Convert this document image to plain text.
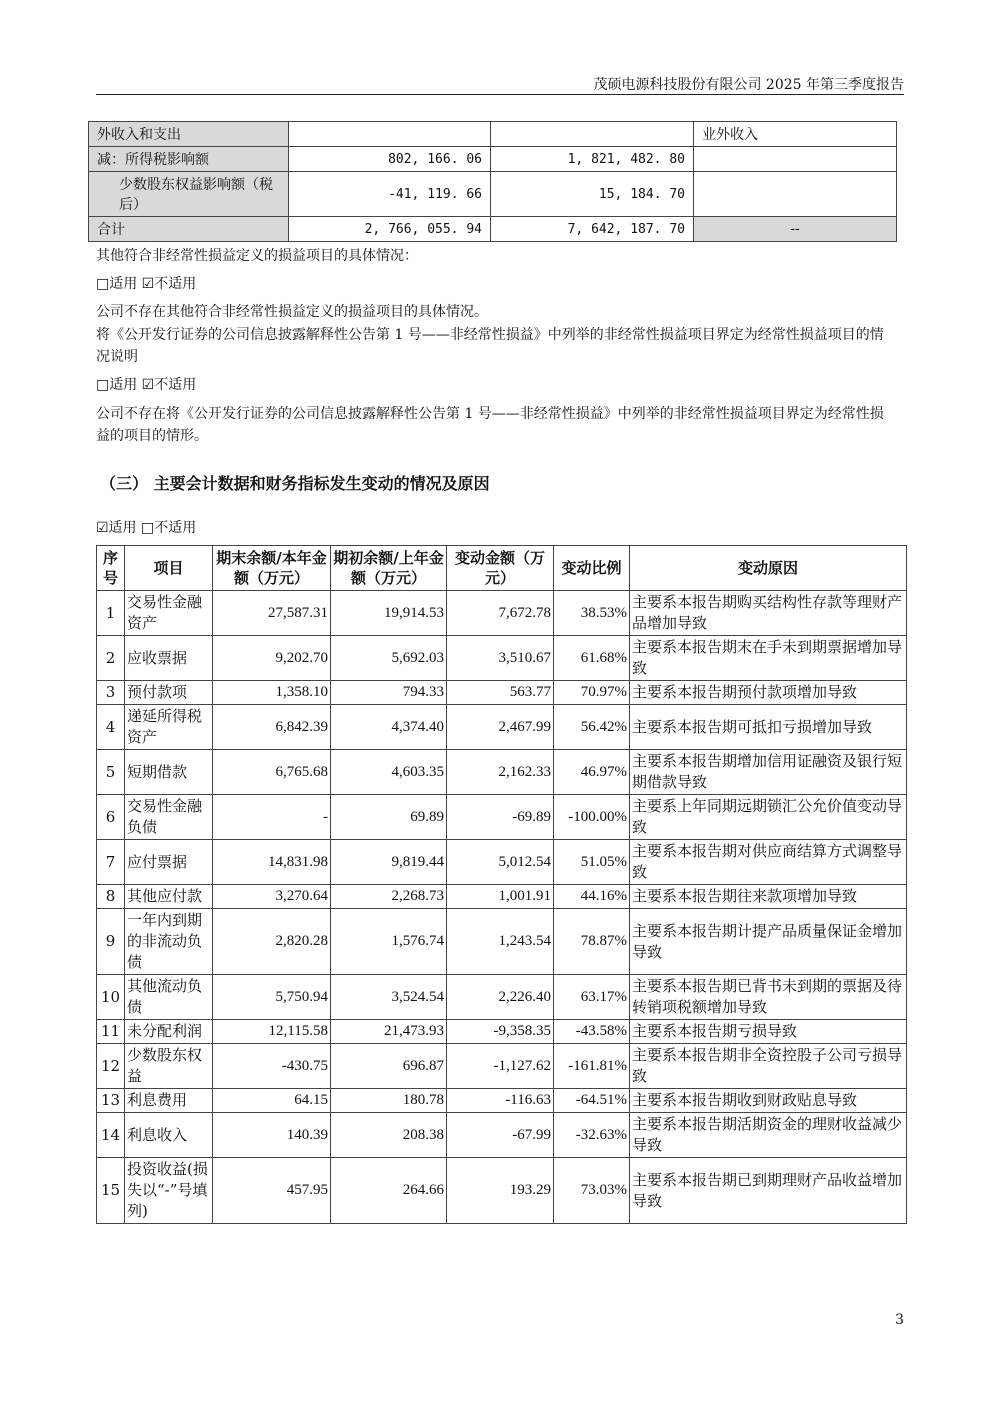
茂硕电源科技股份有限公司 2025 年第三季度报告
外收入和支出			业外收入
减：所得税影响额	802, 166. 06	1, 821, 482. 80	
少数股东权益影响额（税后）	-41, 119. 66	15, 184. 70	
合计	2, 766, 055. 94	7, 642, 187. 70	--
其他符合非经常性损益定义的损益项目的具体情况：
□适用 ☑不适用
公司不存在其他符合非经常性损益定义的损益项目的具体情况。
将《公开发行证券的公司信息披露解释性公告第 1 号——非经常性损益》中列举的非经常性损益项目界定为经常性损益项目的情况说明
□适用 ☑不适用
公司不存在将《公开发行证券的公司信息披露解释性公告第 1 号——非经常性损益》中列举的非经常性损益项目界定为经常性损益的项目的情形。
（三） 主要会计数据和财务指标发生变动的情况及原因
☑适用 □不适用
序号	项目	期末余额/本年金额（万元）	期初余额/上年金额（万元）	变动金额（万元）	变动比例	变动原因
1	交易性金融资产	27,587.31	19,914.53	7,672.78	38.53%	主要系本报告期购买结构性存款等理财产品增加导致
2	应收票据	9,202.70	5,692.03	3,510.67	61.68%	主要系本报告期末在手未到期票据增加导致
3	预付款项	1,358.10	794.33	563.77	70.97%	主要系本报告期预付款项增加导致
4	递延所得税资产	6,842.39	4,374.40	2,467.99	56.42%	主要系本报告期可抵扣亏损增加导致
5	短期借款	6,765.68	4,603.35	2,162.33	46.97%	主要系本报告期增加信用证融资及银行短期借款导致
6	交易性金融负债	-	69.89	-69.89	-100.00%	主要系上年同期远期锁汇公允价值变动导致
7	应付票据	14,831.98	9,819.44	5,012.54	51.05%	主要系本报告期对供应商结算方式调整导致
8	其他应付款	3,270.64	2,268.73	1,001.91	44.16%	主要系本报告期往来款项增加导致
9	一年内到期的非流动负债	2,820.28	1,576.74	1,243.54	78.87%	主要系本报告期计提产品质量保证金增加导致
10	其他流动负债	5,750.94	3,524.54	2,226.40	63.17%	主要系本报告期已背书未到期的票据及待转销项税额增加导致
11	未分配利润	12,115.58	21,473.93	-9,358.35	-43.58%	主要系本报告期亏损导致
12	少数股东权益	-430.75	696.87	-1,127.62	-161.81%	主要系本报告期非全资控股子公司亏损导致
13	利息费用	64.15	180.78	-116.63	-64.51%	主要系本报告期收到财政贴息导致
14	利息收入	140.39	208.38	-67.99	-32.63%	主要系本报告期活期资金的理财收益减少导致
15	投资收益(损失以“-”号填列)	457.95	264.66	193.29	73.03%	主要系本报告期已到期理财产品收益增加导致
3
